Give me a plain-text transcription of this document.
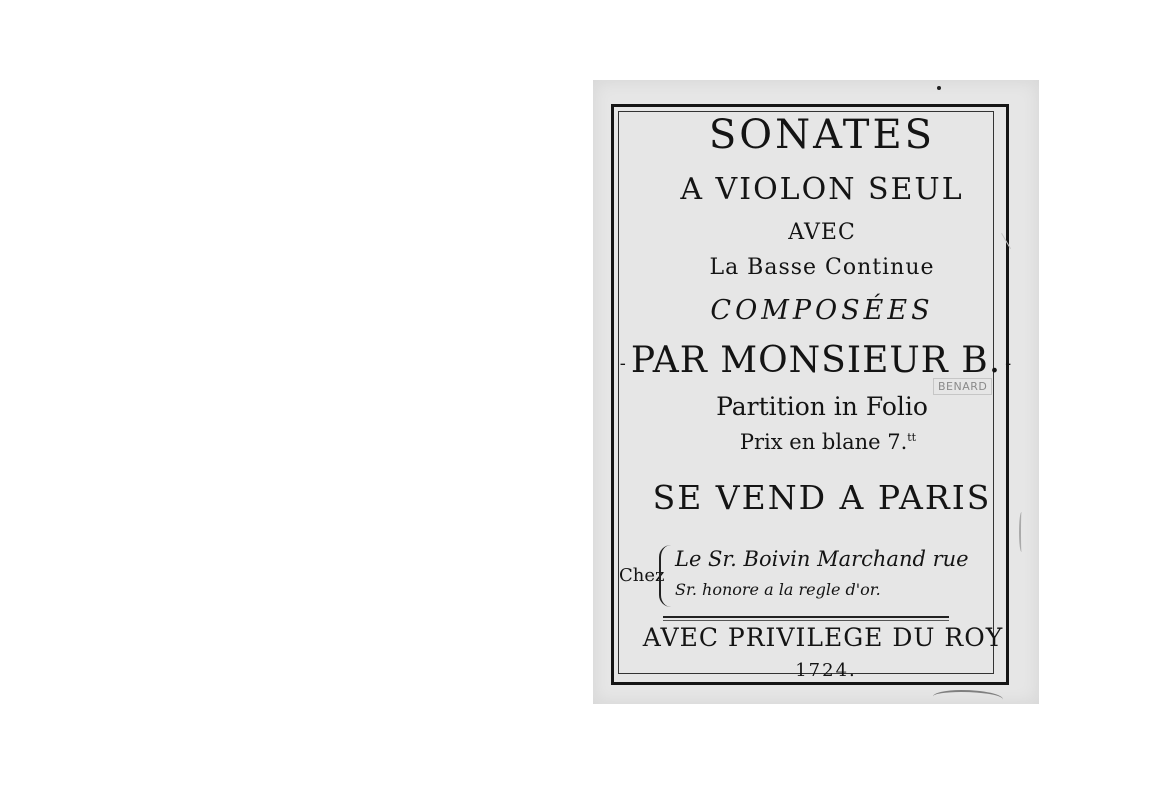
SONATES
A VIOLON SEUL
AVEC
La Basse Continue
COMPOSÉES
- PAR MONSIEUR B. -
BENARD
Partition in Folio
Prix en blane 7.$^{tt}$
SE VEND A PARIS
Chez
Le Sr. Boivin Marchand rue
Sr. honore a la regle d'or.
AVEC PRIVILEGE DU ROY
1724.
